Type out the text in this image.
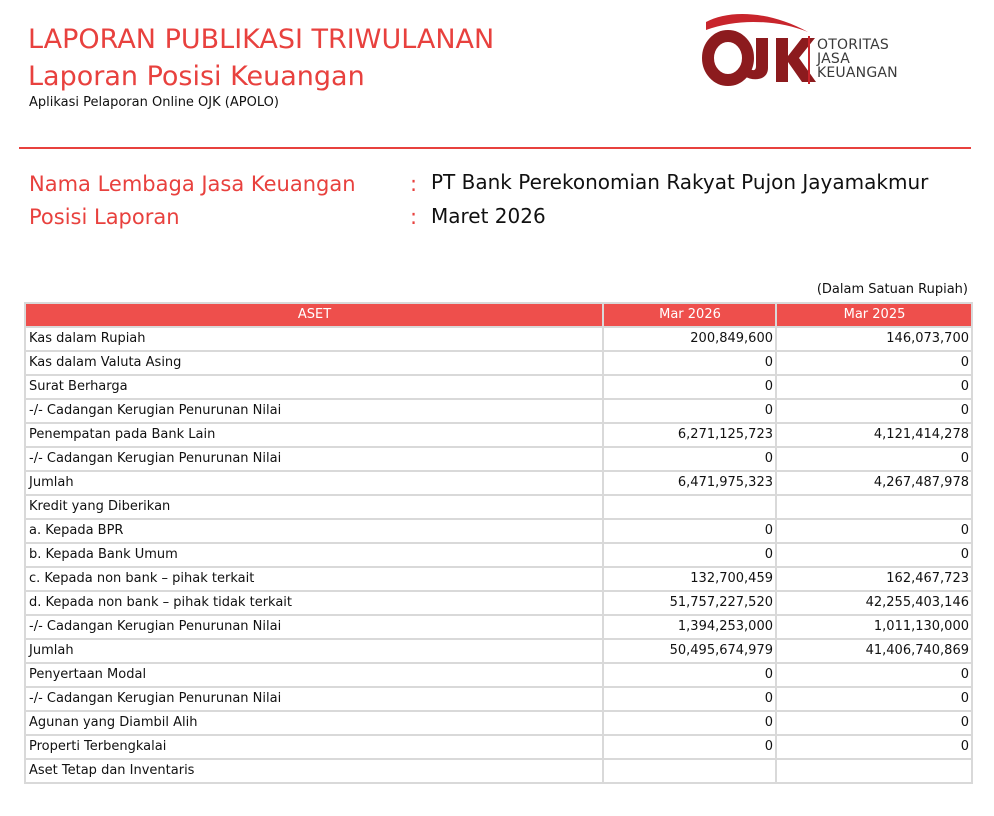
LAPORAN PUBLIKASI TRIWULANAN
Laporan Posisi Keuangan
Aplikasi Pelaporan Online OJK (APOLO)
OTORITAS
JASA
KEUANGAN
Nama Lembaga Jasa Keuangan	: PT Bank Perekonomian Rakyat Pujon Jayamakmur
Posisi Laporan	: Maret 2026
(Dalam Satuan Rupiah)
ASET	Mar 2026	Mar 2025
Kas dalam Rupiah	200,849,600	146,073,700
Kas dalam Valuta Asing	0	0
Surat Berharga	0	0
-/- Cadangan Kerugian Penurunan Nilai	0	0
Penempatan pada Bank Lain	6,271,125,723	4,121,414,278
-/- Cadangan Kerugian Penurunan Nilai	0	0
Jumlah	6,471,975,323	4,267,487,978
Kredit yang Diberikan		
a. Kepada BPR	0	0
b. Kepada Bank Umum	0	0
c. Kepada non bank – pihak terkait	132,700,459	162,467,723
d. Kepada non bank – pihak tidak terkait	51,757,227,520	42,255,403,146
-/- Cadangan Kerugian Penurunan Nilai	1,394,253,000	1,011,130,000
Jumlah	50,495,674,979	41,406,740,869
Penyertaan Modal	0	0
-/- Cadangan Kerugian Penurunan Nilai	0	0
Agunan yang Diambil Alih	0	0
Properti Terbengkalai	0	0
Aset Tetap dan Inventaris		
